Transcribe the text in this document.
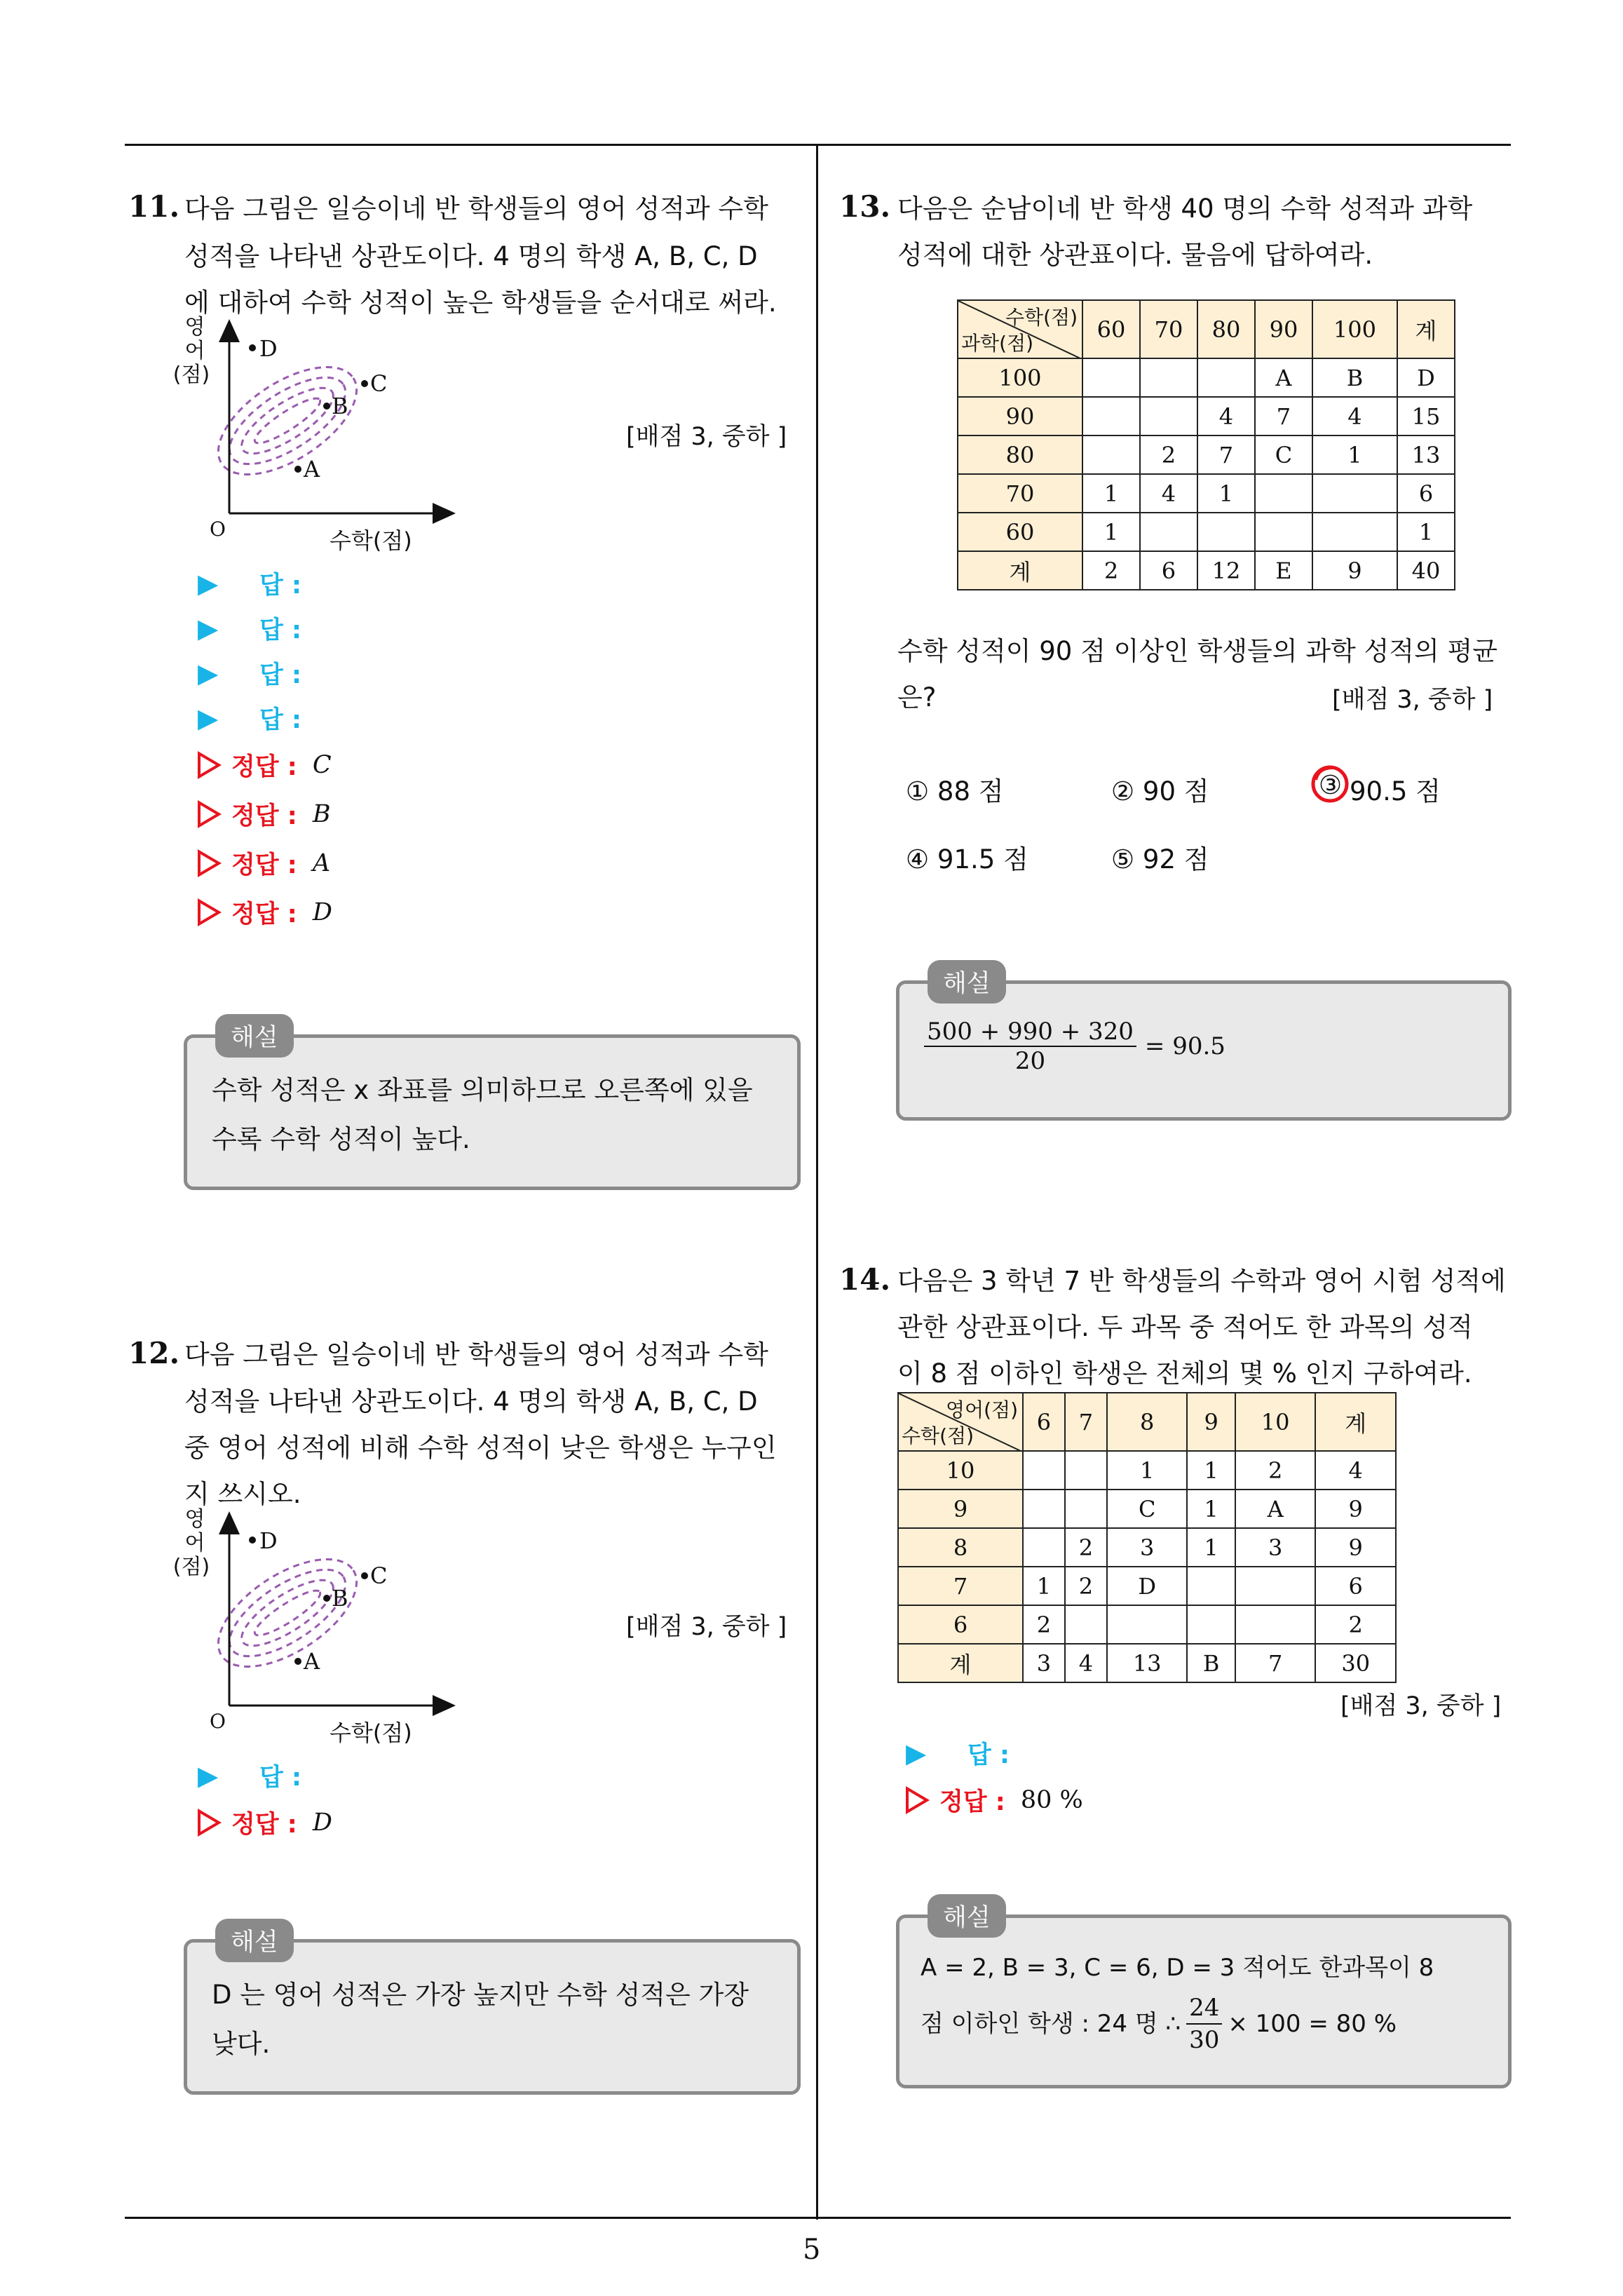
5
11. 다음 그림은 일승이네 반 학생들의 영어 성적과 수학
성적을 나타낸 상관도이다. 4 명의 학생 A, B, C, D
에 대하여 수학 성적이 높은 학생들을 순서대로 써라.
D
C
B
A
영
어
(점)
O	수학(점)
[배점 3, 중하 ]
▶	답 :
▶	답 :
▶	답 :
▶	답 :
정답 : C
정답 : B
정답 : A
정답 : D
해설
수학 성적은 x 좌표를 의미하므로 오른쪽에 있을
수록 수학 성적이 높다.
12. 다음 그림은 일승이네 반 학생들의 영어 성적과 수학
성적을 나타낸 상관도이다. 4 명의 학생 A, B, C, D
중 영어 성적에 비해 수학 성적이 낮은 학생은 누구인
지 쓰시오.
D
C
B
A
영
어
(점)
O	수학(점)
[배점 3, 중하 ]
▶	답 :
정답 : D
해설
D 는 영어 성적은 가장 높지만 수학 성적은 가장
낮다.
13. 다음은 순남이네 반 학생 40 명의 수학 성적과 과학
성적에 대한 상관표이다. 물음에 답하여라.
수학(점)
과학(점)	60	70	80	90	100	계
100				A	B	D
90			4	7	4	15
80		2	7	C	1	13
70	1	4	1			6
60	1					1
계	2	6	12	E	9	40
수학 성적이 90 점 이상인 학생들의 과학 성적의 평균
은?	[배점 3, 중하 ]
① 88 점	② 90 점	③ 90.5 점
④ 91.5 점	⑤ 92 점
해설
$\frac{500 + 990 + 320}{20} = 90.5$
14. 다음은 3 학년 7 반 학생들의 수학과 영어 시험 성적에
관한 상관표이다. 두 과목 중 적어도 한 과목의 성적
이 8 점 이하인 학생은 전체의 몇 % 인지 구하여라.
영어(점)
수학(점)	6	7	8	9	10	계
10			1	1	2	4
9			C	1	A	9
8		2	3	1	3	9
7	1	2	D			6
6	2					2
계	3	4	13	B	7	30
[배점 3, 중하 ]
▶	답 :
정답 : 80 %
해설
A = 2, B = 3, C = 6, D = 3 적어도 한과목이 8
점 이하인 학생 : 24 명 ∴ $\frac{24}{30} \times 100 = 80$ %
